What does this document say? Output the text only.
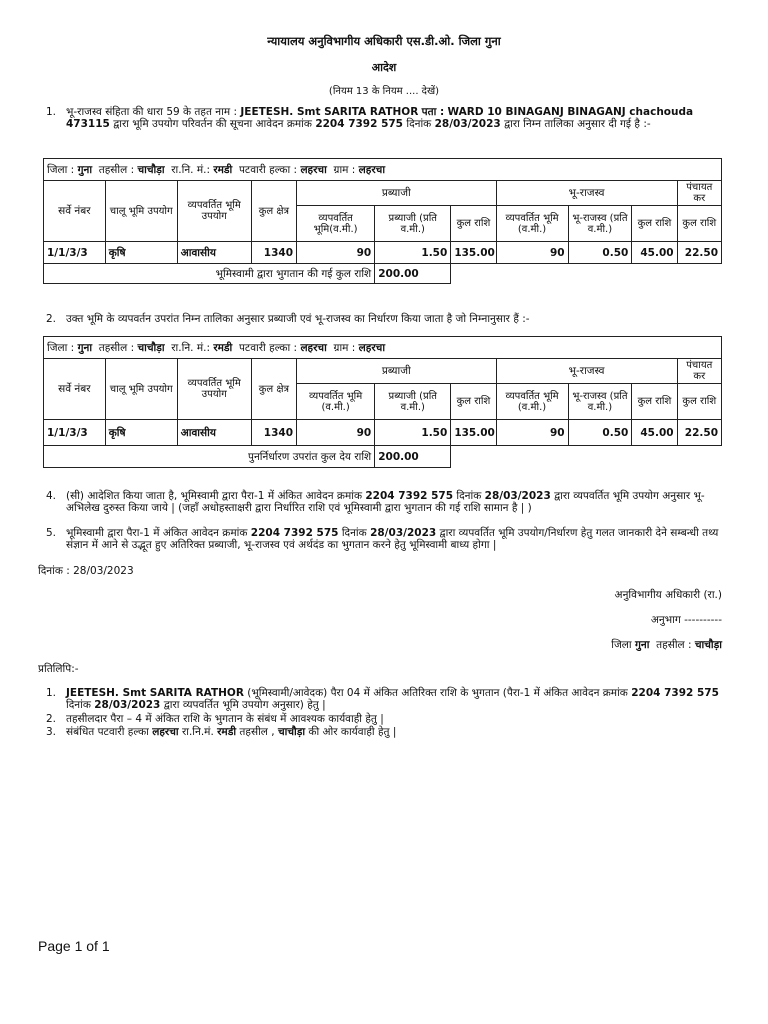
न्यायालय अनुविभागीय अधिकारी एस.डी.ओ. जिला गुना
आदेश
(नियम 13 के नियम .... देखें)
1. भू-राजस्व संहिता की धारा 59 के तहत नाम : JEETESH. Smt SARITA RATHOR पता : WARD 10 BINAGANJ BINAGANJ chachouda 473115 द्वारा भूमि उपयोग परिवर्तन की सूचना आवेदन क्रमांक 2204 7392 575 दिनांक 28/03/2023 द्वारा निम्न तालिका अनुसार दी गई है :-
जिला : गुना तहसील : चाचौड़ा रा.नि. मं.: रमडी पटवारी हल्का : लहरचा ग्राम : लहरचा										
सर्वे नंबर	चालू भूमि उपयोग	व्यपवर्तित भूमि उपयोग	कुल क्षेत्र	प्रब्याजी			भू-राजस्व			पंचायत कर
				व्यपवर्तित भूमि(व.मी.)	प्रब्याजी (प्रति व.मी.)	कुल राशि	व्यपवर्तित भूमि (व.मी.)	भू-राजस्व (प्रति व.मी.)	कुल राशि	कुल राशि
1/1/3/3	कृषि	आवासीय	1340	90	1.50	135.00	90	0.50	45.00	22.50
भूमिस्वामी द्वारा भुगतान की गई कुल राशि					200.00					
2. उक्त भूमि के व्यपवर्तन उपरांत निम्न तालिका अनुसार प्रब्याजी एवं भू-राजस्व का निर्धारण किया जाता है जो निम्नानुसार हैं :-
जिला : गुना तहसील : चाचौड़ा रा.नि. मं.: रमडी पटवारी हल्का : लहरचा ग्राम : लहरचा										
सर्वे नंबर	चालू भूमि उपयोग	व्यपवर्तित भूमि उपयोग	कुल क्षेत्र	प्रब्याजी			भू-राजस्व			पंचायत कर
				व्यपवर्तित भूमि (व.मी.)	प्रब्याजी (प्रति व.मी.)	कुल राशि	व्यपवर्तित भूमि (व.मी.)	भू-राजस्व (प्रति व.मी.)	कुल राशि	कुल राशि
1/1/3/3	कृषि	आवासीय	1340	90	1.50	135.00	90	0.50	45.00	22.50
पुनर्निर्धारण उपरांत कुल देय राशि					200.00					
4. (सी) आदेशित किया जाता है, भूमिस्वामी द्वारा पैरा-1 में अंकित आवेदन क्रमांक 2204 7392 575 दिनांक 28/03/2023 द्वारा व्यपवर्तित भूमि उपयोग अनुसार भू-अभिलेख दुरुस्त किया जाये | (जहाँ अधोहस्ताक्षरी द्वारा निर्धारित राशि एवं भूमिस्वामी द्वारा भुगतान की गई राशि सामान है | )
5. भूमिस्वामी द्वारा पैरा-1 में अंकित आवेदन क्रमांक 2204 7392 575 दिनांक 28/03/2023 द्वारा व्यपवर्तित भूमि उपयोग/निर्धारण हेतु गलत जानकारी देने सम्बन्धी तथ्य संज्ञान में आने से उद्भूत हुए अतिरिक्त प्रब्याजी, भू-राजस्व एवं अर्थदंड का भुगतान करने हेतु भूमिस्वामी बाध्य होगा |
दिनांक : 28/03/2023
अनुविभागीय अधिकारी (रा.)
अनुभाग ----------
जिला गुना तहसील : चाचौड़ा
प्रतिलिपि:-
1. JEETESH. Smt SARITA RATHOR (भूमिस्वामी/आवेदक) पैरा 04 में अंकित अतिरिक्त राशि के भुगतान (पैरा-1 में अंकित आवेदन क्रमांक 2204 7392 575 दिनांक 28/03/2023 द्वारा व्यपवर्तित भूमि उपयोग अनुसार) हेतु |
2. तहसीलदार पैरा – 4 में अंकित राशि के भुगतान के संबंध में आवश्यक कार्यवाही हेतु |
3. संबंधित पटवारी हल्का लहरचा रा.नि.मं. रमडी तहसील , चाचौड़ा की ओर कार्यवाही हेतु |
Page 1 of 1
